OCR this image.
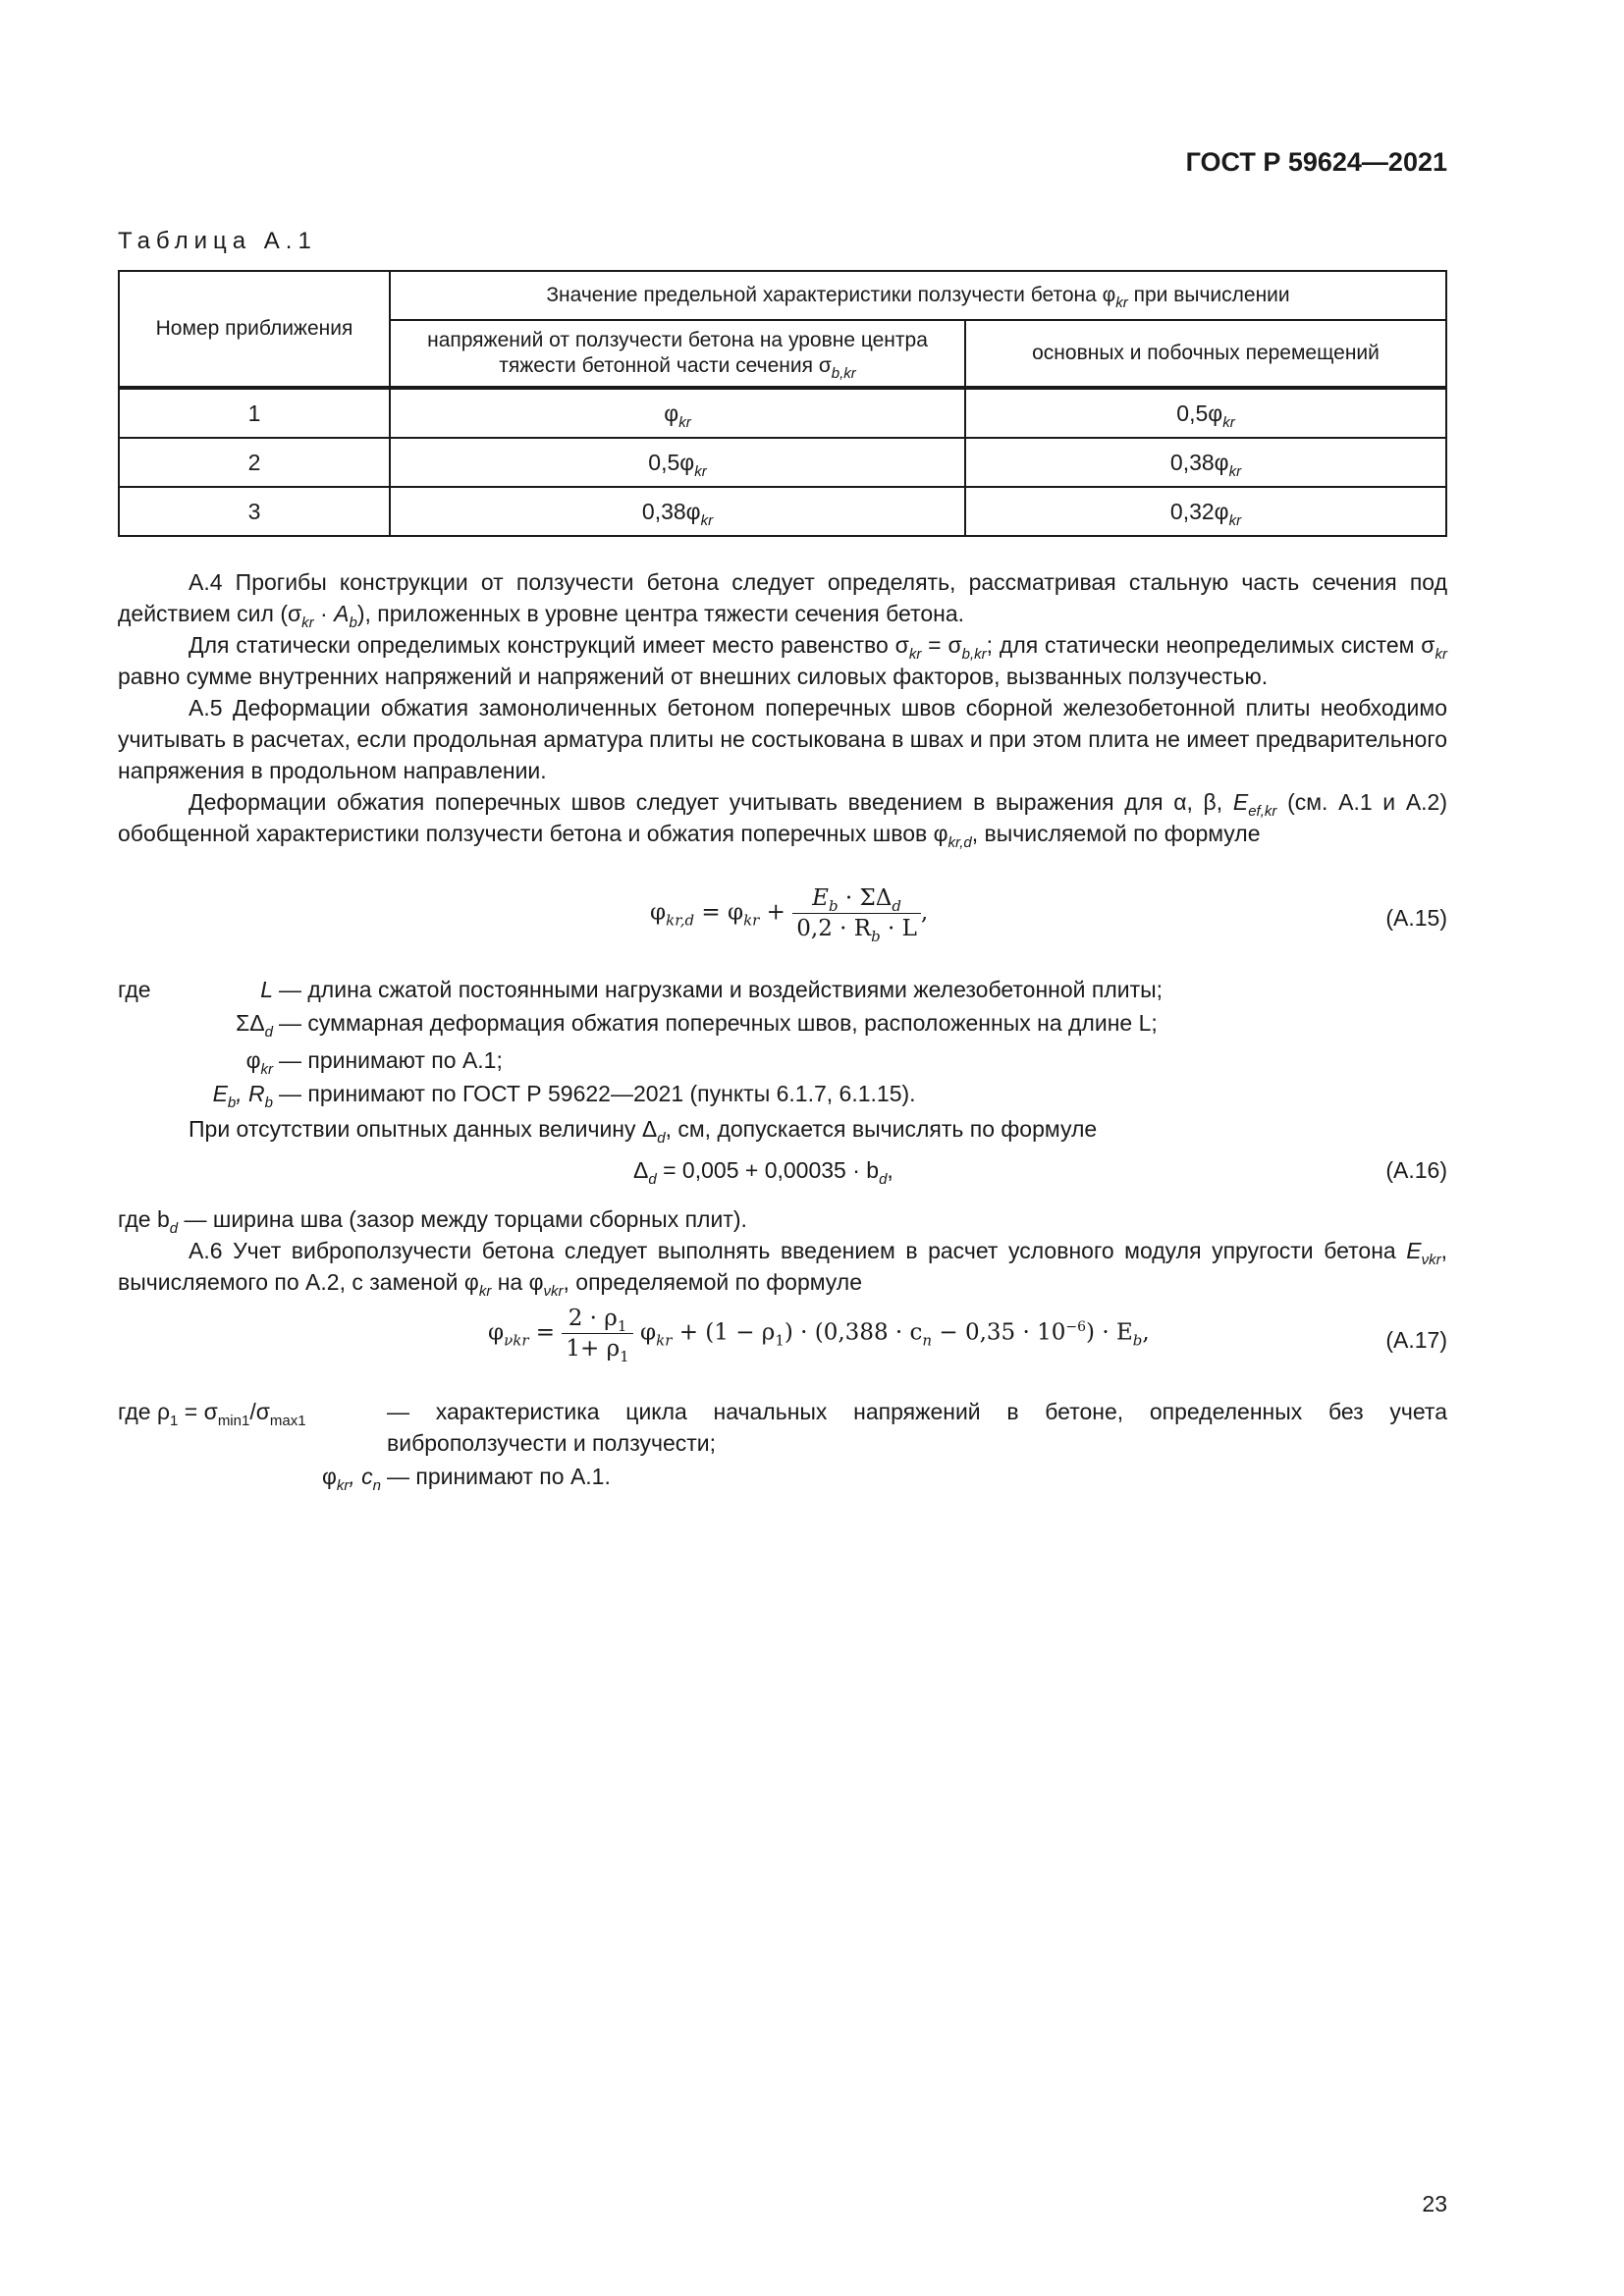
ГОСТ Р 59624—2021
Таблица А.1
Номер приближения	Значение предельной характеристики ползучести бетона $\varphi_{kr}$ при вычислении	
	напряжений от ползучести бетона на уровне центра тяжести бетонной части сечения $\sigma_{b,kr}$	основных и побочных перемещений
1	$\varphi_{kr}$	$0,5\varphi_{kr}$
2	$0,5\varphi_{kr}$	$0,38\varphi_{kr}$
3	$0,38\varphi_{kr}$	$0,32\varphi_{kr}$

А.4 Прогибы конструкции от ползучести бетона следует определять, рассматривая стальную часть сечения под действием сил $(\sigma_{kr} \cdot A_b)$, приложенных в уровне центра тяжести сечения бетона.

Для статически определимых конструкций имеет место равенство $\sigma_{kr} = \sigma_{b,kr}$; для статически неопределимых систем $\sigma_{kr}$ равно сумме внутренних напряжений и напряжений от внешних силовых факторов, вызванных ползучестью.

А.5 Деформации обжатия замоноличенных бетоном поперечных швов сборной железобетонной плиты необходимо учитывать в расчетах, если продольная арматура плиты не состыкована в швах и при этом плита не имеет предварительного напряжения в продольном направлении.

Деформации обжатия поперечных швов следует учитывать введением в выражения для α, β, $E_{ef,kr}$ (см. А.1 и А.2) обобщенной характеристики ползучести бетона и обжатия поперечных швов $\varphi_{kr,d}$, вычисляемой по формуле

$\varphi_{kr,d} = \varphi_{kr} + \frac{E_b \cdot \Sigma\Delta_d}{0,2 \cdot R_b \cdot L}$ ,	(А.15)
где	L — длина сжатой постоянными нагрузками и воздействиями железобетонной плиты;
$\Sigma\Delta_d$ — суммарная деформация обжатия поперечных швов, расположенных на длине L;
$\varphi_{kr}$ — принимают по А.1;
$E_b$, $R_b$ — принимают по ГОСТ Р 59622—2021 (пункты 6.1.7, 6.1.15).

При отсутствии опытных данных величину $\Delta_d$, см, допускается вычислять по формуле

$\Delta_d = 0,005 + 0,00035 \cdot b_d$,	(А.16)

где $b_d$ — ширина шва (зазор между торцами сборных плит).

А.6 Учет виброползучести бетона следует выполнять введением в расчет условного модуля упругости бетона $E_{\nu kr}$, вычисляемого по А.2, с заменой $\varphi_{kr}$ на $\varphi_{\nu kr}$, определяемой по формуле

$\varphi_{\nu kr} = \frac{2 \cdot \rho_1}{1+ \rho_1} \varphi_{kr} + (1 - \rho_1) \cdot (0,388 \cdot c_n - 0,35 \cdot 10^{-6}) \cdot E_b$,	(А.17)
где $\rho_1 = \sigma_{min1}/\sigma_{max1}$	— характеристика цикла начальных напряжений в бетоне, определенных без учета виброползучести и ползучести;
$\varphi_{kr}$, $c_n$ — принимают по А.1.
23
